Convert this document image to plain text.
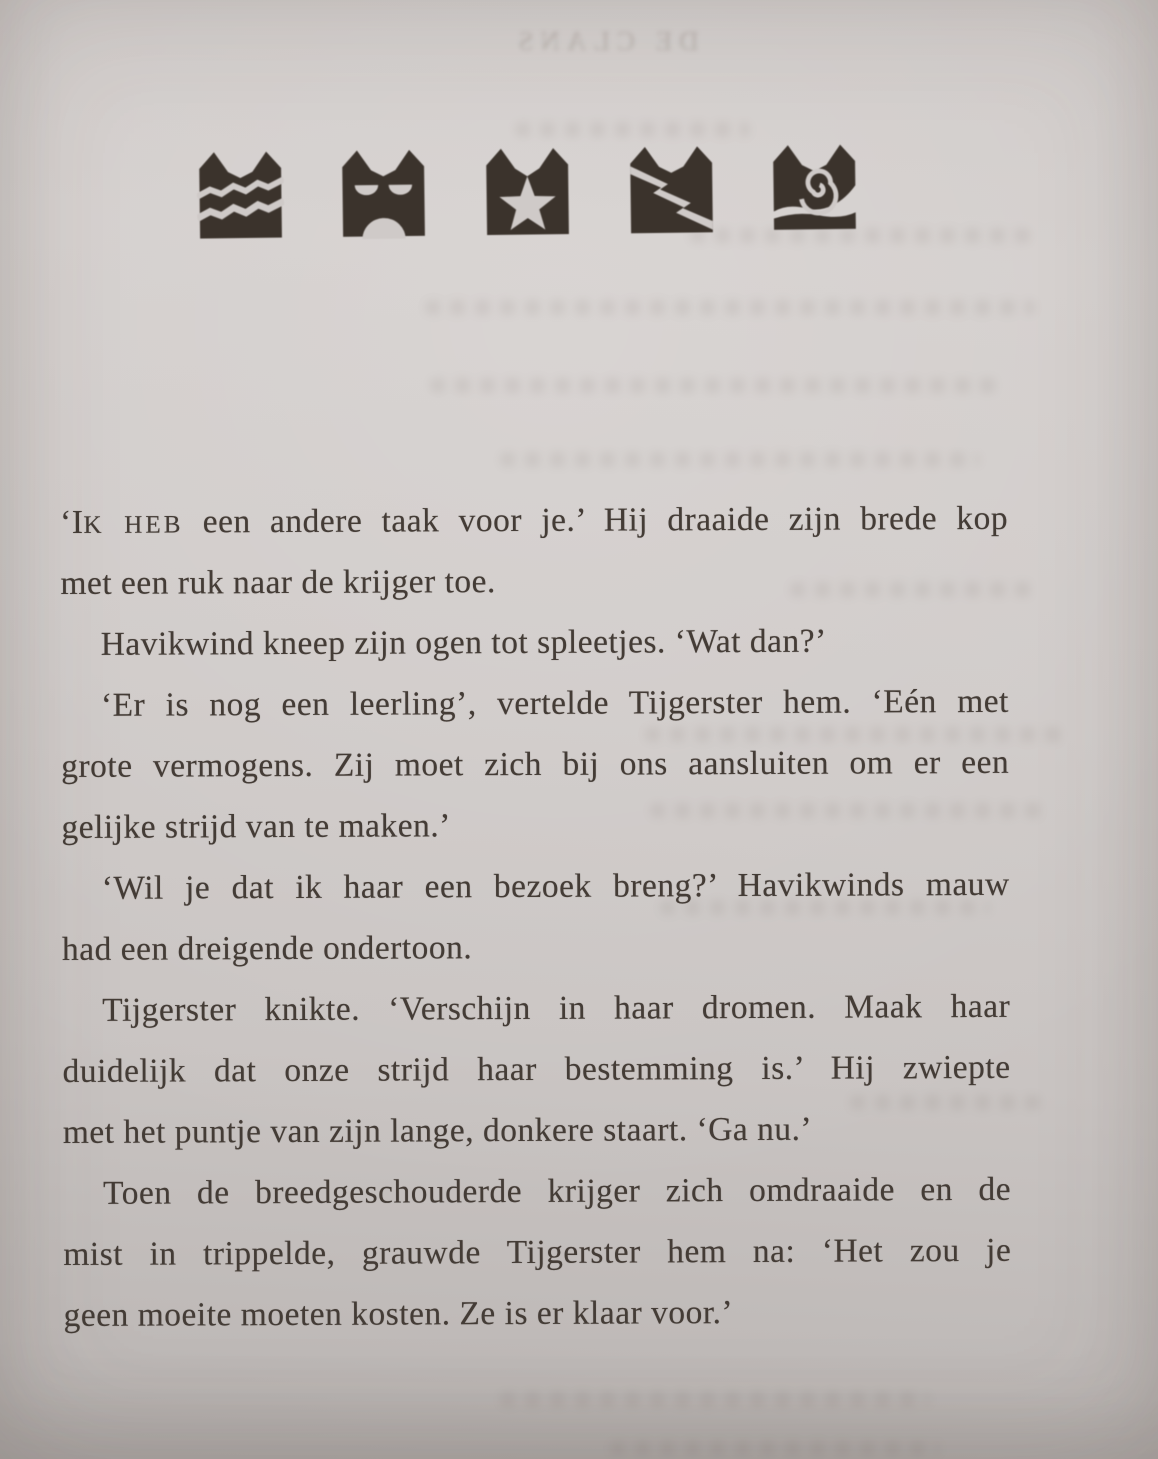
DE CLANS
‘IK HEB een andere taak voor je.’ Hij draaide zijn brede kop
met een ruk naar de krijger toe.
Havikwind kneep zijn ogen tot spleetjes. ‘Wat dan?’
‘Er is nog een leerling’, vertelde Tijgerster hem. ‘Eén met
grote vermogens. Zij moet zich bij ons aansluiten om er een
gelijke strijd van te maken.’
‘Wil je dat ik haar een bezoek breng?’ Havikwinds mauw
had een dreigende ondertoon.
Tijgerster knikte. ‘Verschijn in haar dromen. Maak haar
duidelijk dat onze strijd haar bestemming is.’ Hij zwiepte
met het puntje van zijn lange, donkere staart. ‘Ga nu.’
Toen de breedgeschouderde krijger zich omdraaide en de
mist in trippelde, grauwde Tijgerster hem na: ‘Het zou je
geen moeite moeten kosten. Ze is er klaar voor.’
